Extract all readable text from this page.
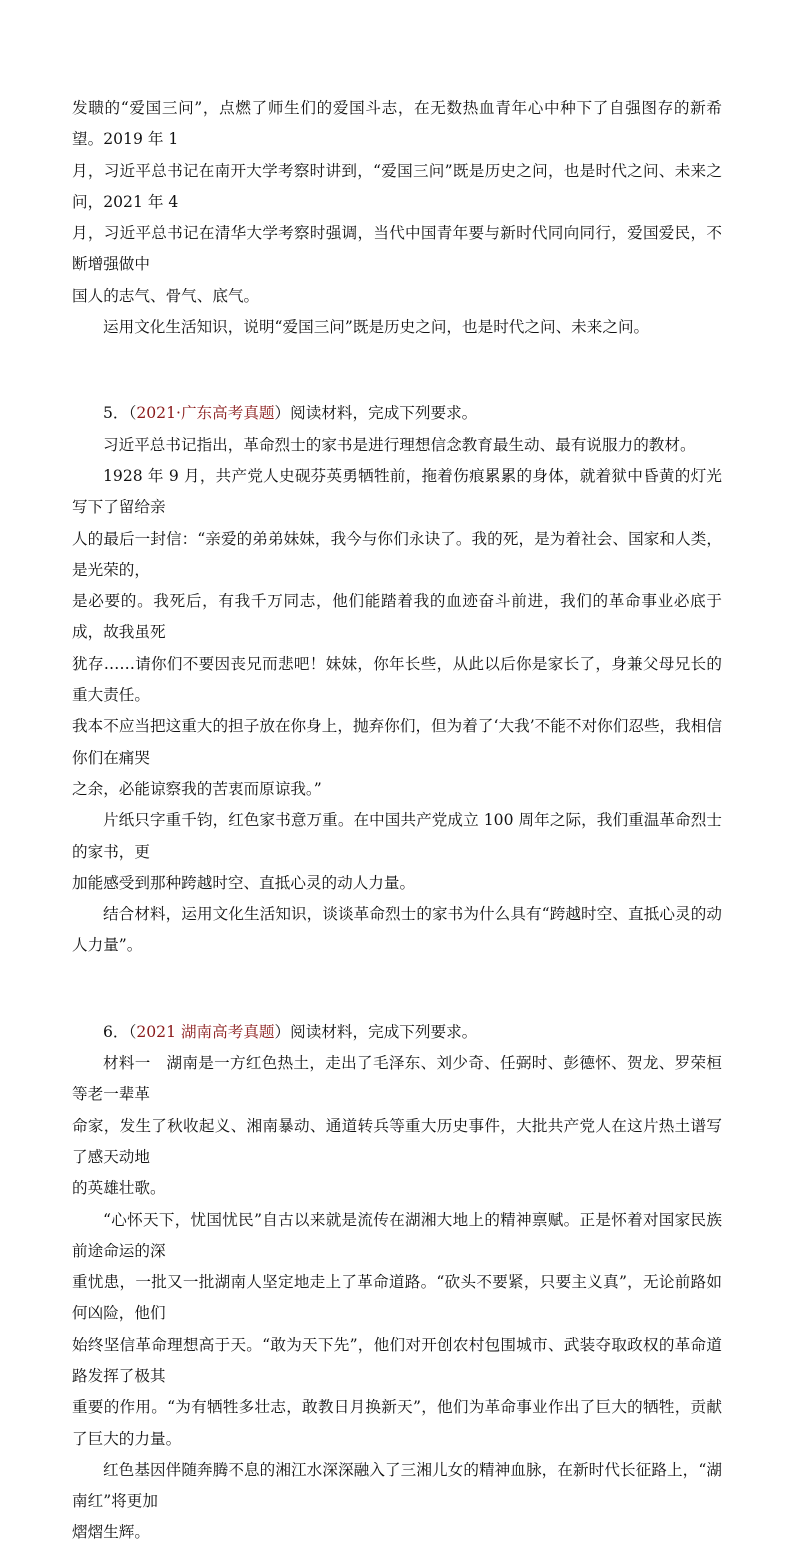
发聩的“爱国三问”，点燃了师生们的爱国斗志，在无数热血青年心中种下了自强图存的新希望。2019 年 1

月，习近平总书记在南开大学考察时讲到，“爱国三问”既是历史之问，也是时代之问、未来之问，2021 年 4

月，习近平总书记在清华大学考察时强调，当代中国青年要与新时代同向同行，爱国爱民，不断增强做中

国人的志气、骨气、底气。

运用文化生活知识，说明“爱国三问”既是历史之问，也是时代之问、未来之问。

5．（2021·广东高考真题）阅读材料，完成下列要求。

习近平总书记指出，革命烈士的家书是进行理想信念教育最生动、最有说服力的教材。

1928 年 9 月，共产党人史砚芬英勇牺牲前，拖着伤痕累累的身体，就着狱中昏黄的灯光写下了留给亲

人的最后一封信：“亲爱的弟弟妹妹，我今与你们永诀了。我的死，是为着社会、国家和人类，是光荣的，

是必要的。我死后，有我千万同志，他们能踏着我的血迹奋斗前进，我们的革命事业必底于成，故我虽死

犹存……请你们不要因丧兄而悲吧！妹妹，你年长些，从此以后你是家长了，身兼父母兄长的重大责任。

我本不应当把这重大的担子放在你身上，抛弃你们，但为着了‘大我’不能不对你们忍些，我相信你们在痛哭

之余，必能谅察我的苦衷而原谅我。”

片纸只字重千钧，红色家书意万重。在中国共产党成立 100 周年之际，我们重温革命烈士的家书，更

加能感受到那种跨越时空、直抵心灵的动人力量。

结合材料，运用文化生活知识，谈谈革命烈士的家书为什么具有“跨越时空、直抵心灵的动人力量”。

6．（2021 湖南高考真题）阅读材料，完成下列要求。

材料一　湖南是一方红色热土，走出了毛泽东、刘少奇、任弼时、彭德怀、贺龙、罗荣桓等老一辈革

命家，发生了秋收起义、湘南暴动、通道转兵等重大历史事件，大批共产党人在这片热土谱写了感天动地

的英雄壮歌。

“心怀天下，忧国忧民”自古以来就是流传在湖湘大地上的精神禀赋。正是怀着对国家民族前途命运的深

重忧患，一批又一批湖南人坚定地走上了革命道路。“砍头不要紧，只要主义真”，无论前路如何凶险，他们

始终坚信革命理想高于天。“敢为天下先”，他们对开创农村包围城市、武装夺取政权的革命道路发挥了极其

重要的作用。“为有牺牲多壮志，敢教日月换新天”，他们为革命事业作出了巨大的牺牲，贡献了巨大的力量。

红色基因伴随奔腾不息的湘江水深深融入了三湘儿女的精神血脉，在新时代长征路上，“湖南红”将更加

熠熠生辉。
